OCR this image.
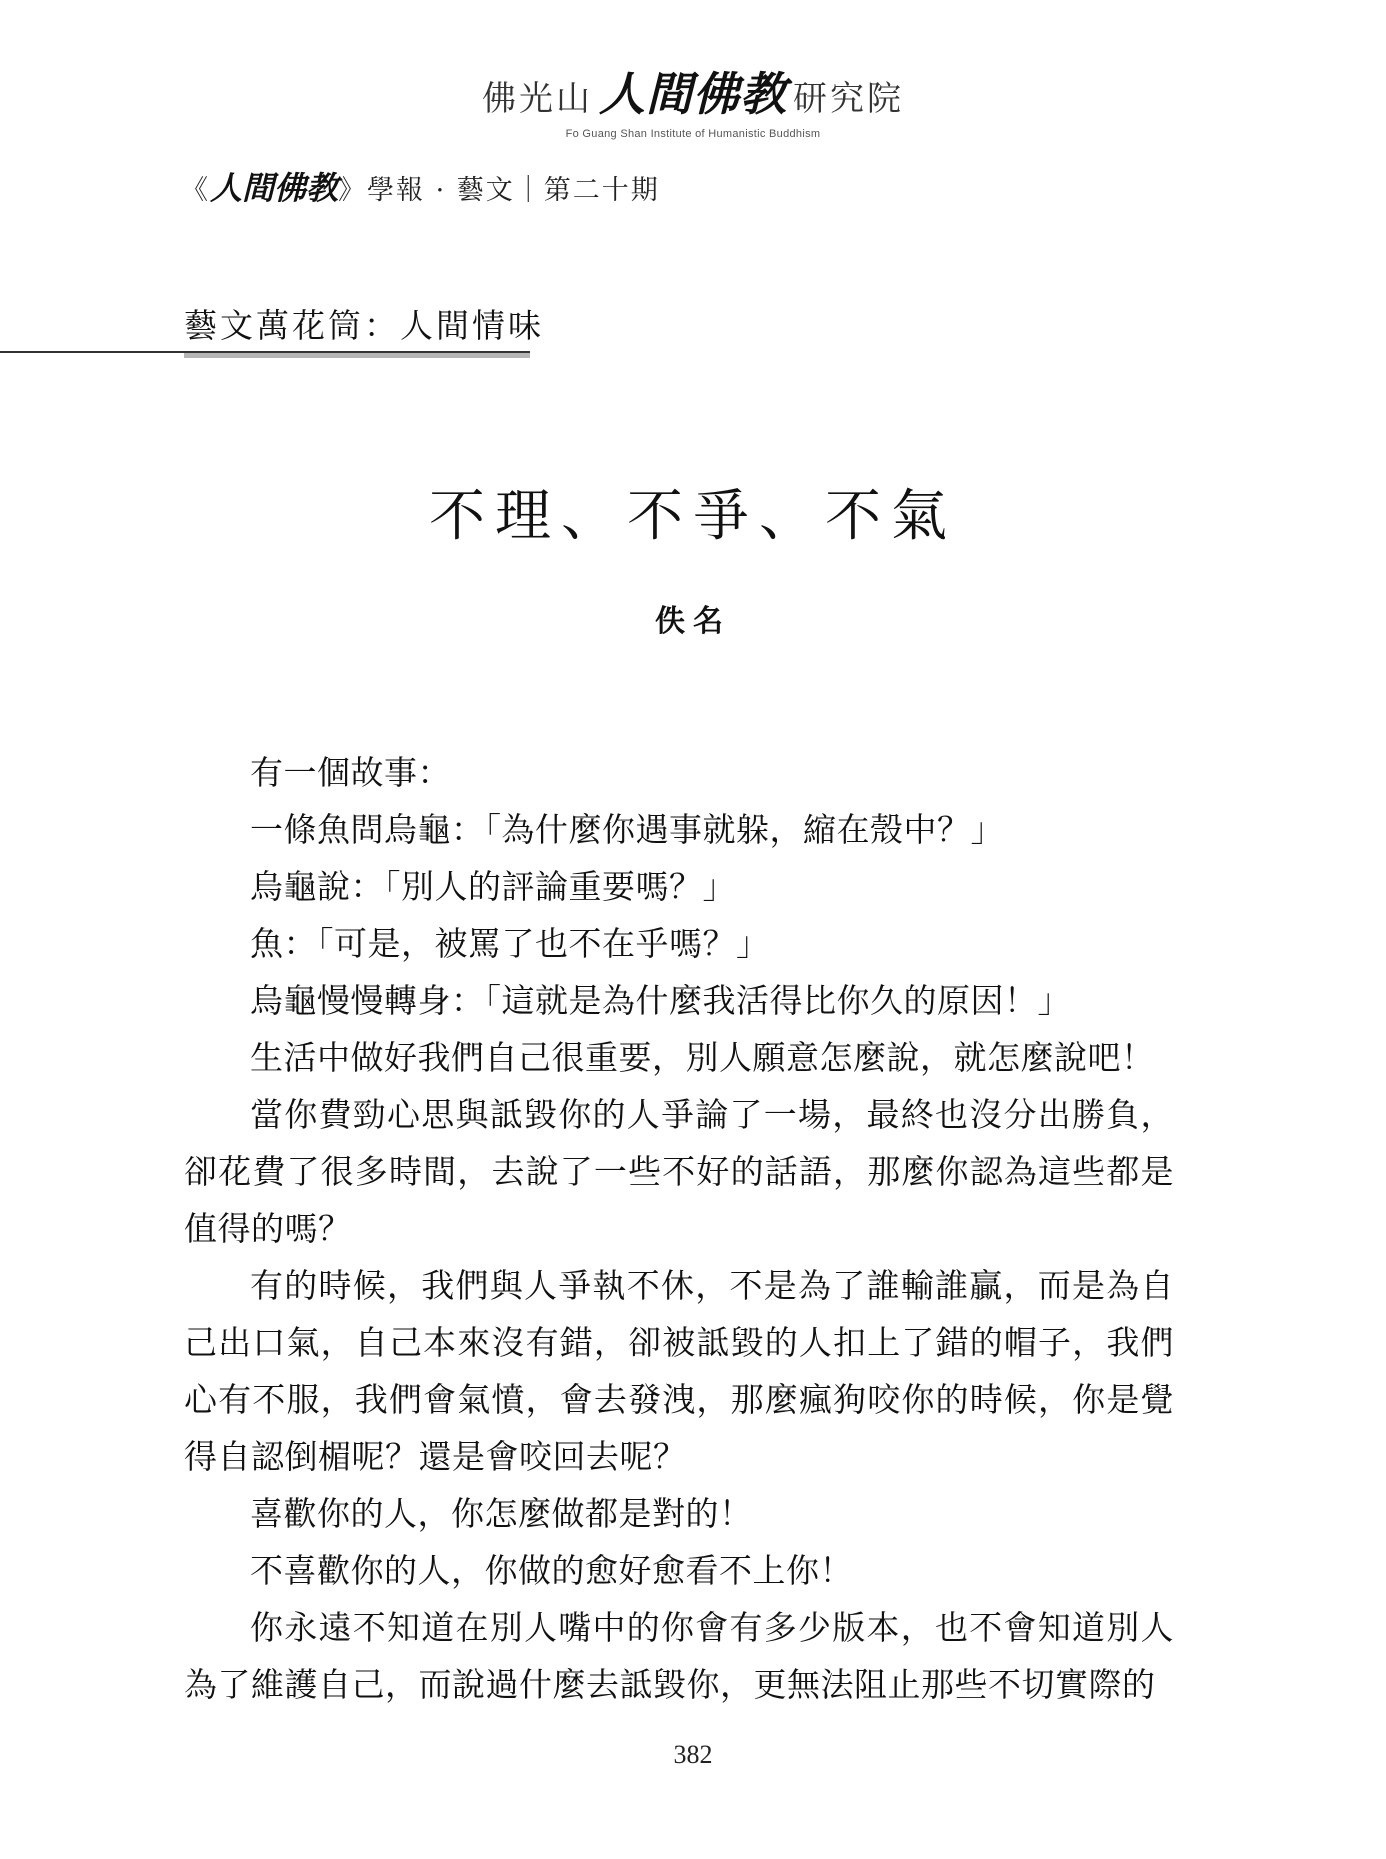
佛光山 人間佛教 研究院
Fo Guang Shan Institute of Humanistic Buddhism
《人間佛教》學報 · 藝文｜第二十期
藝文萬花筒：人間情味
不理、不爭、不氣
佚名

有一個故事：

一條魚問烏龜：「為什麼你遇事就躲，縮在殼中？」

烏龜說：「別人的評論重要嗎？」

魚：「可是，被罵了也不在乎嗎？」

烏龜慢慢轉身：「這就是為什麼我活得比你久的原因！」

生活中做好我們自己很重要，別人願意怎麼說，就怎麼說吧！

當你費勁心思與詆毀你的人爭論了一場，最終也沒分出勝負，卻花費了很多時間，去說了一些不好的話語，那麼你認為這些都是值得的嗎？

有的時候，我們與人爭執不休，不是為了誰輸誰贏，而是為自己出口氣，自己本來沒有錯，卻被詆毀的人扣上了錯的帽子，我們心有不服，我們會氣憤，會去發洩，那麼瘋狗咬你的時候，你是覺得自認倒楣呢？還是會咬回去呢？

喜歡你的人，你怎麼做都是對的！

不喜歡你的人，你做的愈好愈看不上你！

你永遠不知道在別人嘴中的你會有多少版本，也不會知道別人為了維護自己，而說過什麼去詆毀你，更無法阻止那些不切實際的

382
